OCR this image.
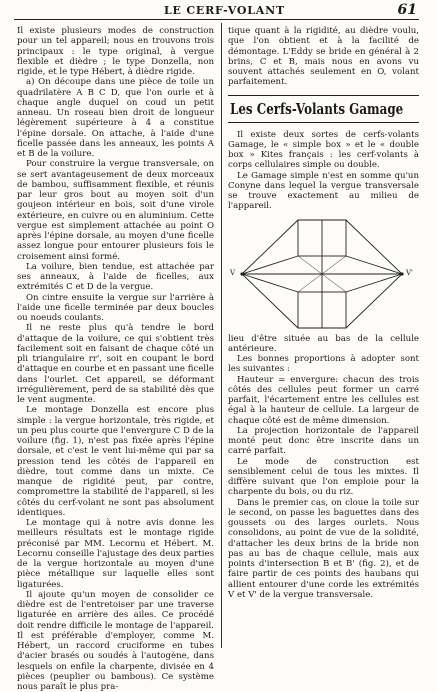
LE CERF-VOLANT	61

Il existe plusieurs modes de construction pour un tel appareil; nous en trouvons trois principaux : le type original, à vergue flexible et dièdre ; le type Donzella, non rigide, et le type Hébert, à dièdre rigide.

a) On découpe dans une pièce de toile un quadrilatère A B C D, que l'on ourle et à chaque angle duquel on coud un petit anneau. Un roseau bien droit de longueur légèrement supérieure à 4 a constitue l'épine dorsale. On attache, à l'aide d'une ficelle passée dans les anneaux, les points A et B de la voilure.

Pour construire la vergue transversale, on se sert avantageusement de deux morceaux de bambou, suffisamment flexible, et réunis par leur gros bout au moyen soit d'un goujeon intérieur en bois, soit d'une virole extérieure, en cuivre ou en aluminium. Cette vergue est simplement attachée au point O après l'épine dorsale, au moyen d'une ficelle assez longue pour entourer plusieurs fois le croisement ainsi formé.

La voilure, bien tendue, est attachée par ses anneaux, à l'aide de ficelles, aux extrémités C et D de la vergue.

On cintre ensuite la vergue sur l'arrière à l'aide une ficelle terminée par deux boucles ou noeuds coulants.

Il ne reste plus qu'à tendre le bord d'attaque de la voilure, ce qui s'obtient très facilement soit en faisant de chaque côté un pli triangulaire rr', soit en coupant le bord d'attaque en courbe et en passant une ficelle dans l'ourlet. Cet appareil, se déformant irrégulièrement, perd de sa stabilité dès que le vent augmente.

Le montage Donzella est encore plus simple : la vergue horizontale, très rigide, et un peu plus courte que l'envergure C D de la voilure (fig. 1), n'est pas fixée après l'épine dorsale, et c'est le vent lui-même qui par sa pression tend les côtés de l'appareil en dièdre, tout comme dans un mixte. Ce manque de rigidité peut, par contre, compromettre la stabilité de l'appareil, si les côtés du cerf-volant ne sont pas absolument identiques.

Le montage qui à notre avis donne les meilleurs résultats est le montage rigide préconisé par MM. Lecornu et Hébert. M. Lecornu conseille l'ajustage des deux parties de la vergue horizontale au moyen d'une pièce métallique sur laquelle elles sont ligaturées.

Il ajoute qu'un moyen de consolider ce dièdre est de l'entretoiser par une traverse ligaturée en arrière des ailes. Ce procédé doit rendre difficile le montage de l'appareil. Il est préférable d'employer, comme M. Hébert, un raccord cruciforme en tubes d'acier brasés ou soudés à l'autogène, dans lesquels on enfile la charpente, divisée en 4 pièces (peuplier ou bambous). Ce système nous paraît le plus pra-

tique quant à la rigidité, au dièdre voulu, que l'on obtient et à la facilité de démontage. L'Eddy se bride en général à 2 brins, C et B, mais nous en avons vu souvent attachés seulement en O, volant parfaitement.

Les Cerfs-Volants Gamage

Il existe deux sortes de cerfs-volants Gamage, le « simple box » et le « double box » Kites français : les cerf-volants à corps cellulaires simple ou double.

Le Gamage simple n'est en somme qu'un Conyne dans lequel la vergue transversale se trouve exactement au milieu de l'appareil.

V	V'

lieu d'être située au bas de la cellule antérieure.

Les bonnes proportions à adopter sont les suivantes :

Hauteur = envergure: chacun des trois côtés des cellules peut former un carré parfait, l'écartement entre les cellules est égal à la hauteur de cellule. La largeur de chaque côté est de même dimension.

La projection horizontale de l'appareil monté peut donc être inscrite dans un carré parfait.

Le mode de construction est sensiblement celui de tous les mixtes. Il diffère suivant que l'on emploie pour la charpente du bois, ou du riz.

Dans le premier cas, on cloue la toile sur le second, on passe les baguettes dans des goussets ou des larges ourlets. Nous consolidons, au point de vue de la solidité, d'attacher les deux brins de la bride non pas au bas de chaque cellule, mais aux points d'intersection B et B' (fig. 2), et de faire partir de ces points des haubans qui allient entourer d'une corde les extrémités V et V' de la vergue transversale.
